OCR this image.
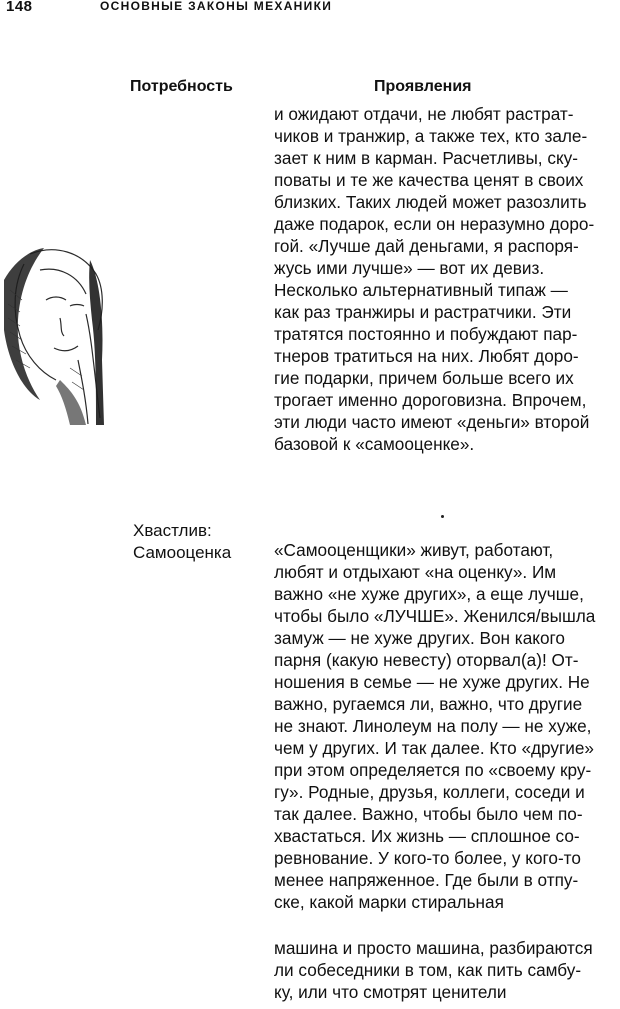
148	ОСНОВНЫЕ ЗАКОНЫ МЕХАНИКИ
Потребность	Проявления
и ожидают отдачи, не любят растрат-
чиков и транжир, а также тех, кто зале-
зает к ним в карман. Расчетливы, ску-
поваты и те же качества ценят в своих
близких. Таких людей может разозлить
даже подарок, если он неразумно доро-
гой. «Лучше дай деньгами, я распоря-
жусь ими лучше» — вот их девиз.
Несколько альтернативный типаж —
как раз транжиры и растратчики. Эти
тратятся постоянно и побуждают пар-
тнеров тратиться на них. Любят доро-
гие подарки, причем больше всего их
трогает именно дороговизна. Впрочем,
эти люди часто имеют «деньги» второй
базовой к «самооценке».
Хвастлив:
Самооценка «Самооценщики» живут, работают,
любят и отдыхают «на оценку». Им
важно «не хуже других», а еще лучше,
чтобы было «ЛУЧШЕ». Женился/вышла
замуж — не хуже других. Вон какого
парня (какую невесту) оторвал(а)! От-
ношения в семье — не хуже других. Не
важно, ругаемся ли, важно, что другие
не знают. Линолеум на полу — не хуже,
чем у других. И так далее. Кто «другие»
при этом определяется по «своему кру-
гу». Родные, друзья, коллеги, соседи и
так далее. Важно, чтобы было чем по-
хвастаться. Их жизнь — сплошное со-
ревнование. У кого-то более, у кого-то
менее напряженное. Где были в отпу-
ске, какой марки стиральная
машина и просто машина, разбираются
ли собеседники в том, как пить самбу-
ку, или что смотрят ценители
